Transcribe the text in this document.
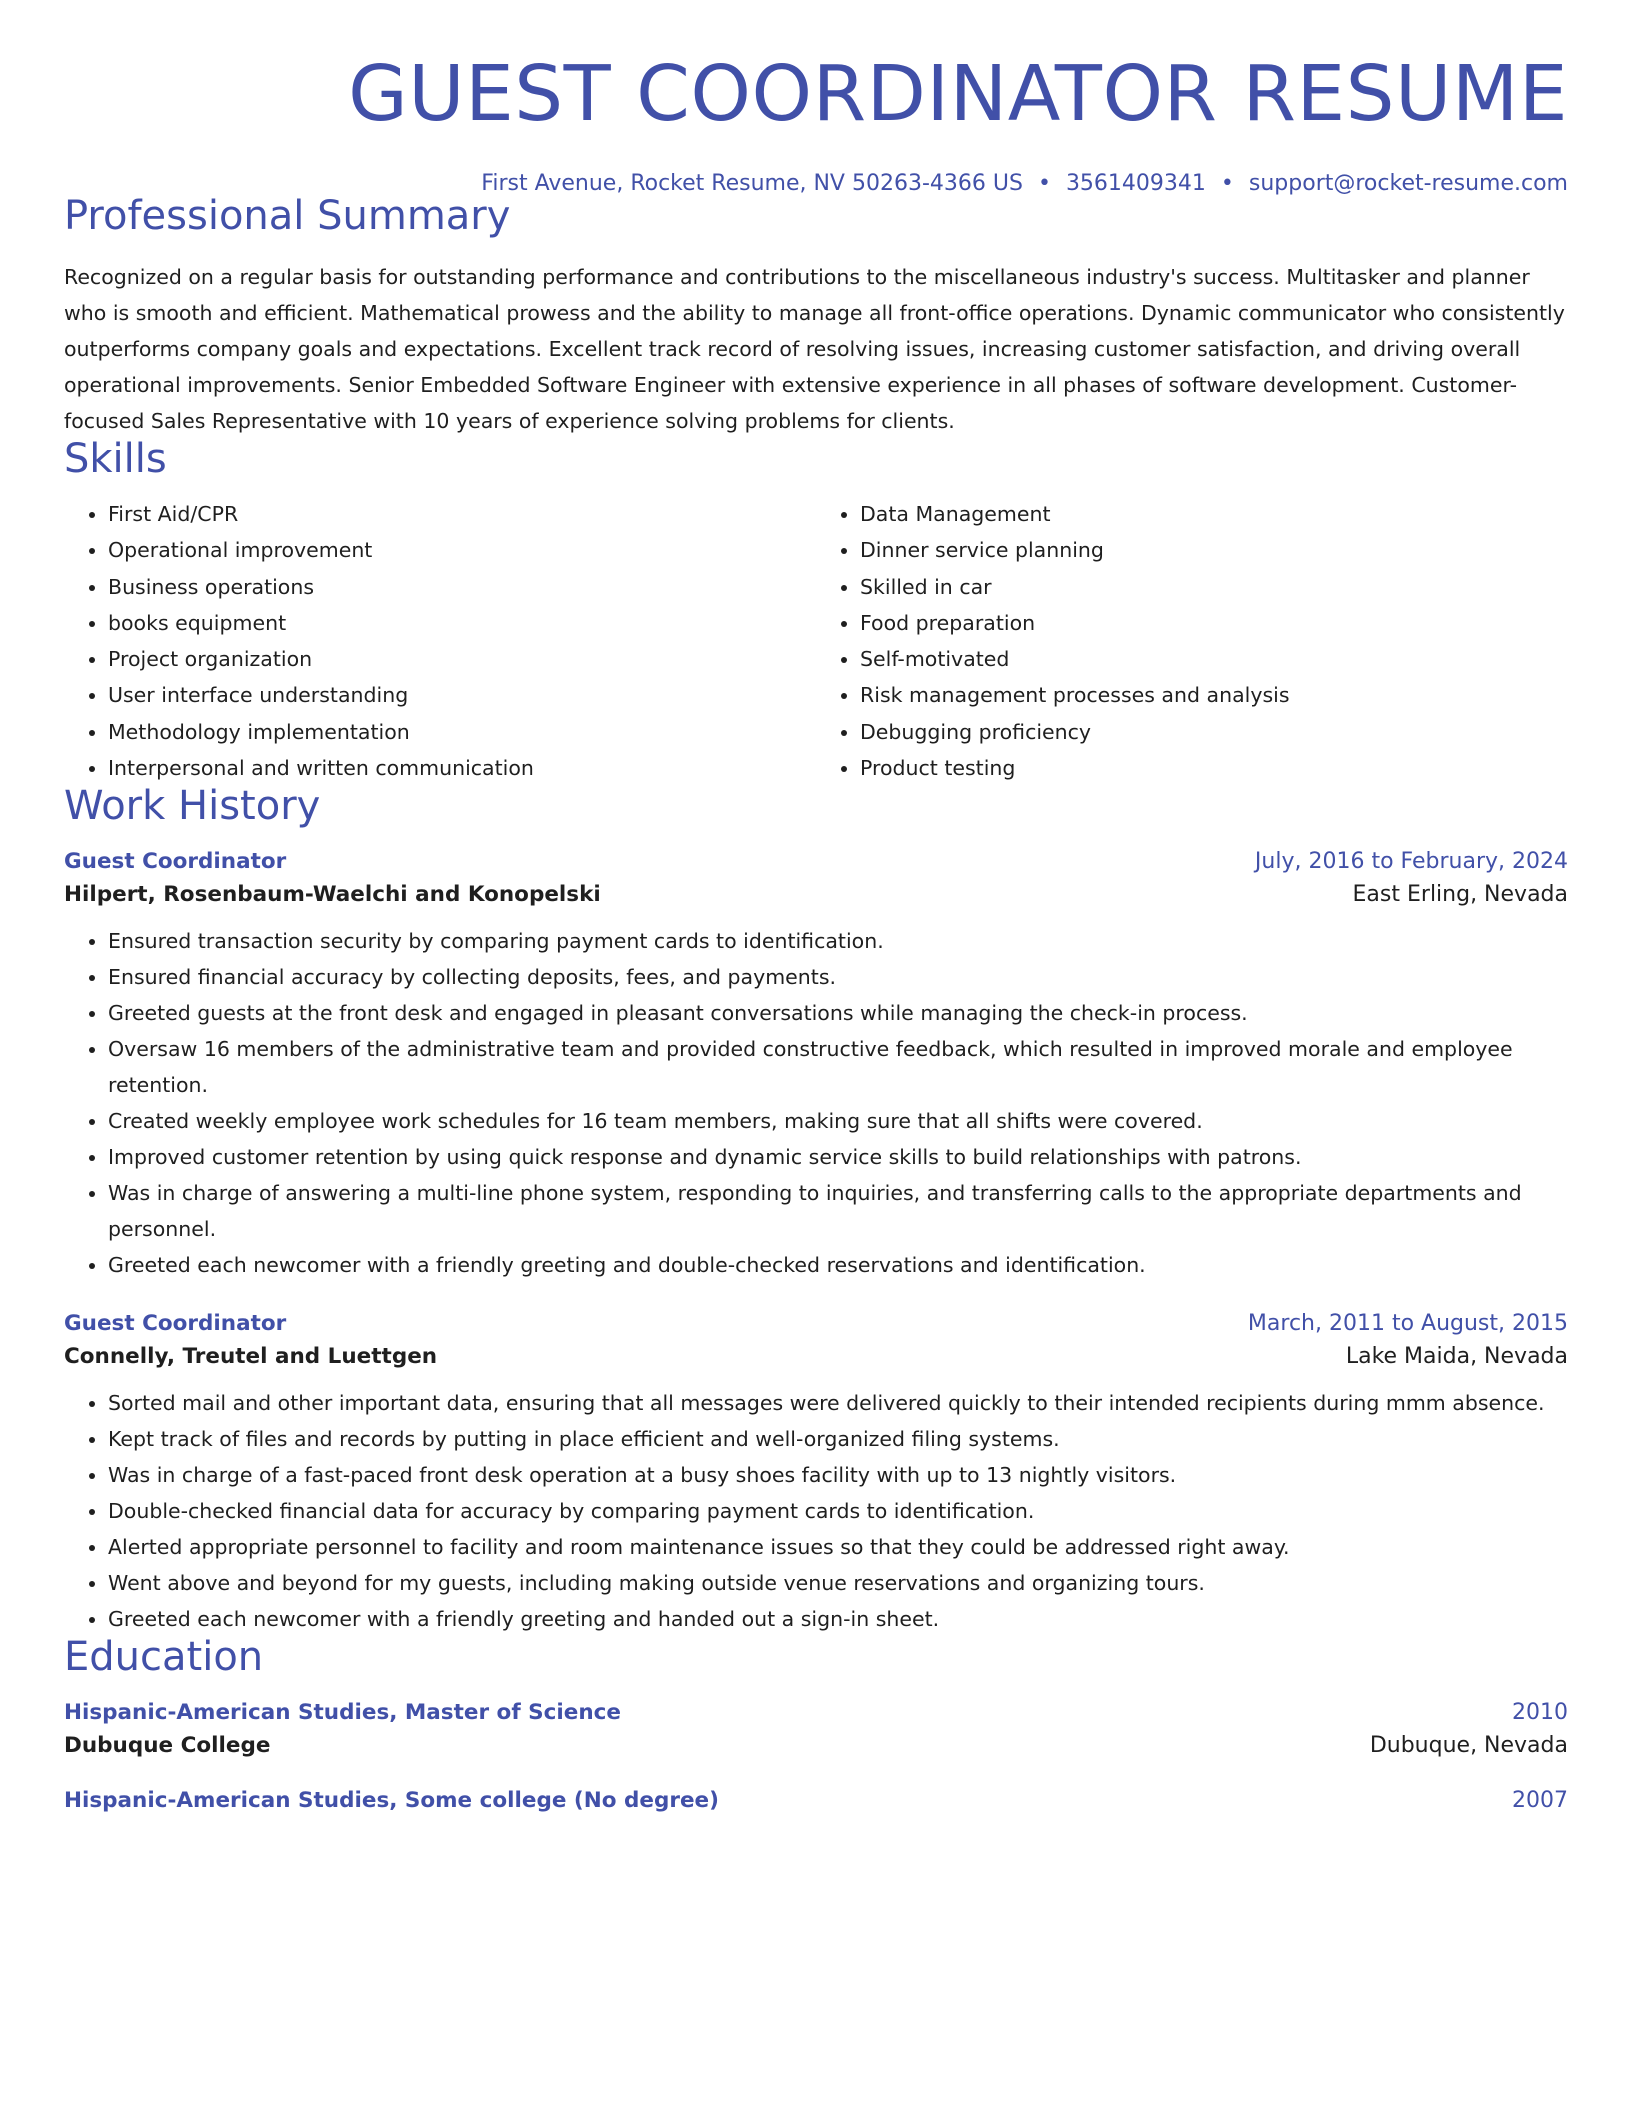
GUEST COORDINATOR RESUME
First Avenue, Rocket Resume, NV 50263-4366 US • 3561409341 • support@rocket-resume.com
Professional Summary

Recognized on a regular basis for outstanding performance and contributions to the miscellaneous industry's success. Multitasker and planner who is smooth and efficient. Mathematical prowess and the ability to manage all front-office operations. Dynamic communicator who consistently outperforms company goals and expectations. Excellent track record of resolving issues, increasing customer satisfaction, and driving overall operational improvements. Senior Embedded Software Engineer with extensive experience in all phases of software development. Customer-focused Sales Representative with 10 years of experience solving problems for clients.

Skills
• First Aid/CPR
• Operational improvement
• Business operations
• books equipment
• Project organization
• User interface understanding
• Methodology implementation
• Interpersonal and written communication
• Data Management
• Dinner service planning
• Skilled in car
• Food preparation
• Self-motivated
• Risk management processes and analysis
• Debugging proficiency
• Product testing
Work History
Guest Coordinator	July, 2016 to February, 2024
Hilpert, Rosenbaum-Waelchi and Konopelski	East Erling, Nevada
• Ensured transaction security by comparing payment cards to identification.
• Ensured financial accuracy by collecting deposits, fees, and payments.
• Greeted guests at the front desk and engaged in pleasant conversations while managing the check-in process.
• Oversaw 16 members of the administrative team and provided constructive feedback, which resulted in improved morale and employee retention.
• Created weekly employee work schedules for 16 team members, making sure that all shifts were covered.
• Improved customer retention by using quick response and dynamic service skills to build relationships with patrons.
• Was in charge of answering a multi-line phone system, responding to inquiries, and transferring calls to the appropriate departments and personnel.
• Greeted each newcomer with a friendly greeting and double-checked reservations and identification.
Guest Coordinator	March, 2011 to August, 2015
Connelly, Treutel and Luettgen	Lake Maida, Nevada
• Sorted mail and other important data, ensuring that all messages were delivered quickly to their intended recipients during mmm absence.
• Kept track of files and records by putting in place efficient and well-organized filing systems.
• Was in charge of a fast-paced front desk operation at a busy shoes facility with up to 13 nightly visitors.
• Double-checked financial data for accuracy by comparing payment cards to identification.
• Alerted appropriate personnel to facility and room maintenance issues so that they could be addressed right away.
• Went above and beyond for my guests, including making outside venue reservations and organizing tours.
• Greeted each newcomer with a friendly greeting and handed out a sign-in sheet.
Education
Hispanic-American Studies, Master of Science	2010
Dubuque College	Dubuque, Nevada
Hispanic-American Studies, Some college (No degree)	2007
